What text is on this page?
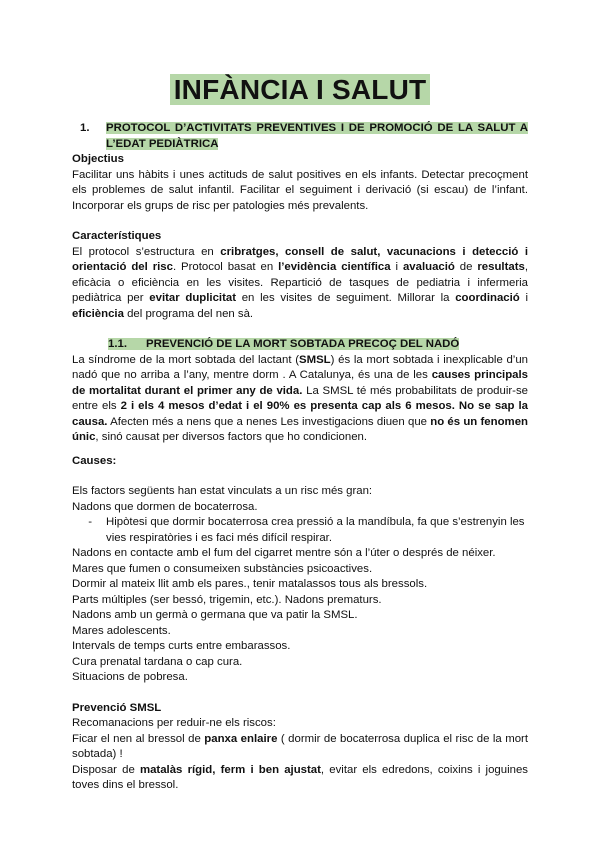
INFÀNCIA I SALUT
1.	PROTOCOL D’ACTIVITATS PREVENTIVES I DE PROMOCIÓ DE LA SALUT A L’EDAT PEDIÀTRICA
Objectius

Facilitar uns hàbits i unes actituds de salut positives en els infants. Detectar precoçment els problemes de salut infantil. Facilitar el seguiment i derivació (si escau) de l’infant. Incorporar els grups de risc per patologies més prevalents.

Característiques

El protocol s’estructura en cribratges, consell de salut, vacunacions i detecció i orientació del risc. Protocol basat en l’evidència científica i avaluació de resultats, eficàcia o eficiència en les visites. Repartició de tasques de pediatria i infermeria pediàtrica per evitar duplicitat en les visites de seguiment. Millorar la coordinació i eficiència del programa del nen sà.

1.1. PREVENCIÓ DE LA MORT SOBTADA PRECOÇ DEL NADÓ

La síndrome de la mort sobtada del lactant (SMSL) és la mort sobtada i inexplicable d’un nadó que no arriba a l’any, mentre dorm . A Catalunya, és una de les causes principals de mortalitat durant el primer any de vida. La SMSL té més probabilitats de produir-se entre els 2 i els 4 mesos d’edat i el 90% es presenta cap als 6 mesos. No se sap la causa. Afecten més a nens que a nenes Les investigacions diuen que no és un fenomen únic, sinó causat per diversos factors que ho condicionen.

Causes:
Els factors següents han estat vinculats a un risc més gran:
Nadons que dormen de bocaterrosa.
-	Hipòtesi que dormir bocaterrosa crea pressió a la mandíbula, fa que s’estrenyin les vies respiratòries i es faci més difícil respirar.
Nadons en contacte amb el fum del cigarret mentre són a l’úter o després de néixer.
Mares que fumen o consumeixen substàncies psicoactives.
Dormir al mateix llit amb els pares., tenir matalassos tous als bressols.
Parts múltiples (ser bessó, trigemin, etc.). Nadons prematurs.
Nadons amb un germà o germana que va patir la SMSL.
Mares adolescents.
Intervals de temps curts entre embarassos.
Cura prenatal tardana o cap cura.
Situacions de pobresa.
Prevenció SMSL
Recomanacions per reduir-ne els riscos:

Ficar el nen al bressol de panxa enlaire ( dormir de bocaterrosa duplica el risc de la mort sobtada) !

Disposar de matalàs rígid, ferm i ben ajustat, evitar els edredons, coixins i joguines toves dins el bressol.
